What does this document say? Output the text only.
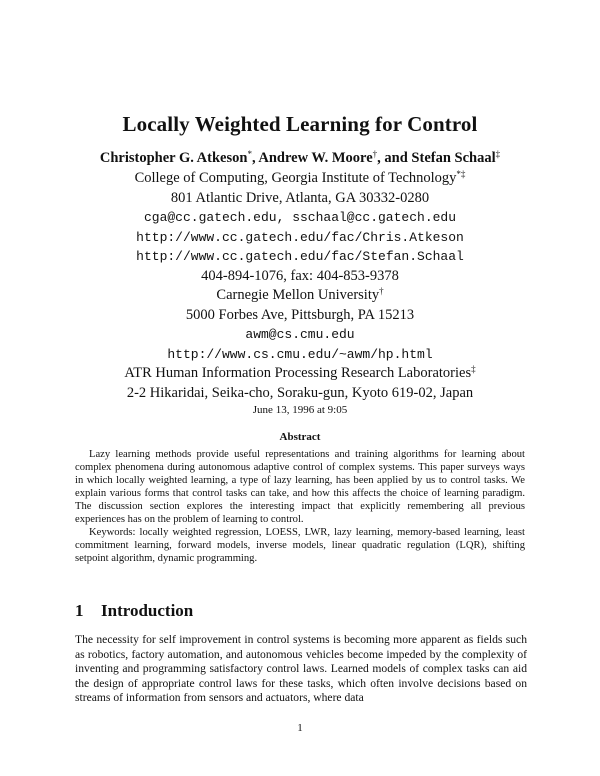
Locally Weighted Learning for Control
Christopher G. Atkeson*, Andrew W. Moore†, and Stefan Schaal‡
College of Computing, Georgia Institute of Technology*‡
801 Atlantic Drive, Atlanta, GA 30332-0280
cga@cc.gatech.edu, sschaal@cc.gatech.edu
http://www.cc.gatech.edu/fac/Chris.Atkeson
http://www.cc.gatech.edu/fac/Stefan.Schaal
404-894-1076, fax: 404-853-9378
Carnegie Mellon University†
5000 Forbes Ave, Pittsburgh, PA 15213
awm@cs.cmu.edu
http://www.cs.cmu.edu/~awm/hp.html
ATR Human Information Processing Research Laboratories‡
2-2 Hikaridai, Seika-cho, Soraku-gun, Kyoto 619-02, Japan
June 13, 1996 at 9:05
Abstract

Lazy learning methods provide useful representations and training algorithms for learning about complex phenomena during autonomous adaptive control of complex systems. This paper surveys ways in which locally weighted learning, a type of lazy learning, has been applied by us to control tasks. We explain various forms that control tasks can take, and how this affects the choice of learning paradigm. The discussion section explores the interesting impact that explicitly remembering all previous experiences has on the problem of learning to control.

Keywords: locally weighted regression, LOESS, LWR, lazy learning, memory-based learning, least commitment learning, forward models, inverse models, linear quadratic regulation (LQR), shifting setpoint algorithm, dynamic programming.

1 Introduction

The necessity for self improvement in control systems is becoming more apparent as fields such as robotics, factory automation, and autonomous vehicles become impeded by the complexity of inventing and programming satisfactory control laws. Learned models of complex tasks can aid the design of appropriate control laws for these tasks, which often involve decisions based on streams of information from sensors and actuators, where data

1
